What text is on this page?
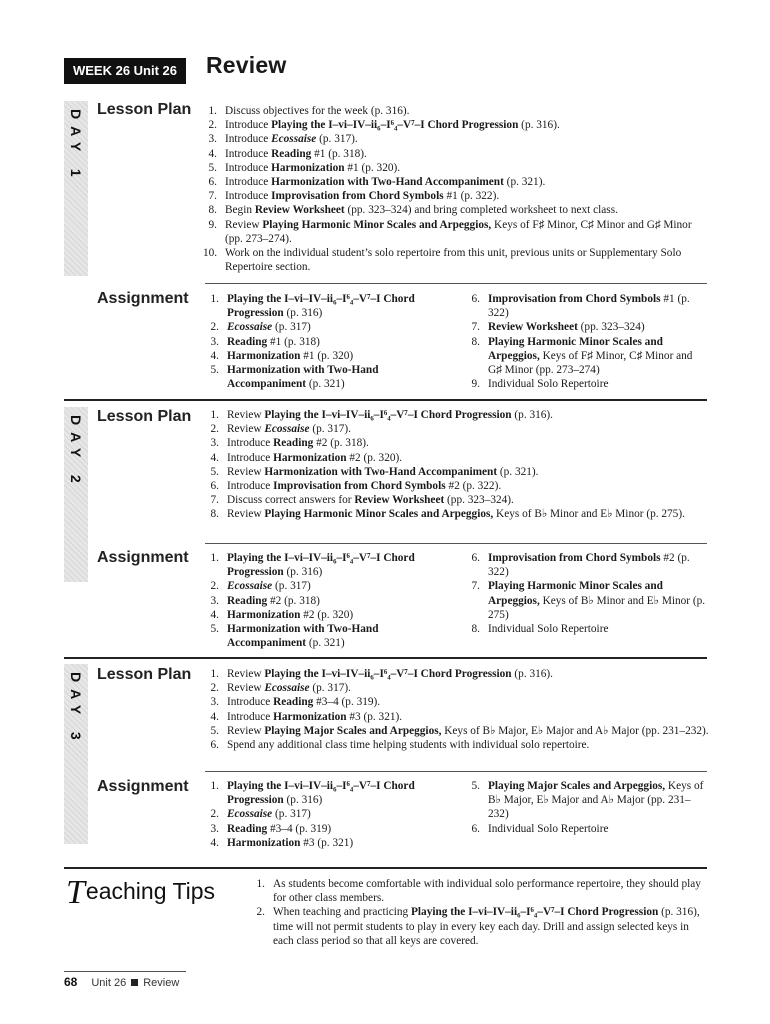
WEEK 26 Unit 26	Review
DAY 1 Lesson Plan	1. Discuss objectives for the week (p. 316).
2. Introduce Playing the I–vi–IV–ii₆–I⁶₄–V⁷–I Chord Progression (p. 316).
3. Introduce Ecossaise (p. 317).
4. Introduce Reading #1 (p. 318).
5. Introduce Harmonization #1 (p. 320).
6. Introduce Harmonization with Two-Hand Accompaniment (p. 321).
7. Introduce Improvisation from Chord Symbols #1 (p. 322).
8. Begin Review Worksheet (pp. 323–324) and bring completed worksheet to next class.
9. Review Playing Harmonic Minor Scales and Arpeggios, Keys of F♯ Minor, C♯ Minor and G♯ Minor (pp. 273–274).
10. Work on the individual student’s solo repertoire from this unit, previous units or Supplementary Solo Repertoire section.
Assignment	1. Playing the I–vi–IV–ii₆–I⁶₄–V⁷–I Chord Progression (p. 316)
2. Ecossaise (p. 317)
3. Reading #1 (p. 318)
4. Harmonization #1 (p. 320)
5. Harmonization with Two-Hand Accompaniment (p. 321)
6. Improvisation from Chord Symbols #1 (p. 322)
7. Review Worksheet (pp. 323–324)
8. Playing Harmonic Minor Scales and Arpeggios, Keys of F♯ Minor, C♯ Minor and G♯ Minor (pp. 273–274)
9. Individual Solo Repertoire
DAY 2 Lesson Plan	1. Review Playing the I–vi–IV–ii₆–I⁶₄–V⁷–I Chord Progression (p. 316).
2. Review Ecossaise (p. 317).
3. Introduce Reading #2 (p. 318).
4. Introduce Harmonization #2 (p. 320).
5. Review Harmonization with Two-Hand Accompaniment (p. 321).
6. Introduce Improvisation from Chord Symbols #2 (p. 322).
7. Discuss correct answers for Review Worksheet (pp. 323–324).
8. Review Playing Harmonic Minor Scales and Arpeggios, Keys of B♭ Minor and E♭ Minor (p. 275).
Assignment	1. Playing the I–vi–IV–ii₆–I⁶₄–V⁷–I Chord Progression (p. 316)
2. Ecossaise (p. 317)
3. Reading #2 (p. 318)
4. Harmonization #2 (p. 320)
5. Harmonization with Two-Hand Accompaniment (p. 321)
6. Improvisation from Chord Symbols #2 (p. 322)
7. Playing Harmonic Minor Scales and Arpeggios, Keys of B♭ Minor and E♭ Minor (p. 275)
8. Individual Solo Repertoire
DAY 3 Lesson Plan	1. Review Playing the I–vi–IV–ii₆–I⁶₄–V⁷–I Chord Progression (p. 316).
2. Review Ecossaise (p. 317).
3. Introduce Reading #3–4 (p. 319).
4. Introduce Harmonization #3 (p. 321).
5. Review Playing Major Scales and Arpeggios, Keys of B♭ Major, E♭ Major and A♭ Major (pp. 231–232).
6. Spend any additional class time helping students with individual solo repertoire.
Assignment	1. Playing the I–vi–IV–ii₆–I⁶₄–V⁷–I Chord Progression (p. 316)
2. Ecossaise (p. 317)
3. Reading #3–4 (p. 319)
4. Harmonization #3 (p. 321)
5. Playing Major Scales and Arpeggios, Keys of B♭ Major, E♭ Major and A♭ Major (pp. 231–232)
6. Individual Solo Repertoire
Teaching Tips	1. As students become comfortable with individual solo performance repertoire, they should play for other class members.
2. When teaching and practicing Playing the I–vi–IV–ii₆–I⁶₄–V⁷–I Chord Progression (p. 316), time will not permit students to play in every key each day. Drill and assign selected keys in each class period so that all keys are covered.
68 Unit 26 Review
